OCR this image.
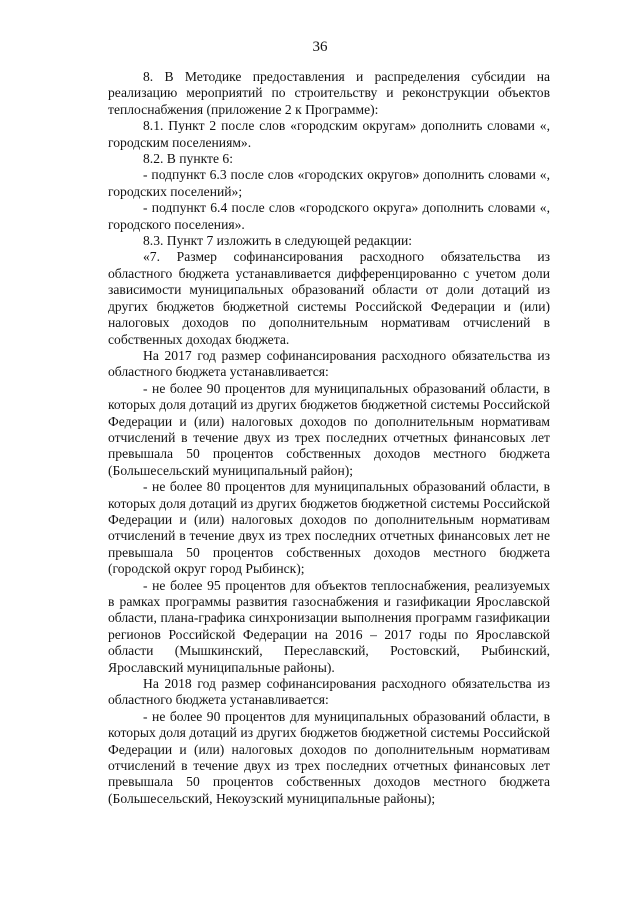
36

8. В Методике предоставления и распределения субсидии на реализацию мероприятий по строительству и реконструкции объектов теплоснабжения (приложение 2 к Программе):

8.1. Пункт 2 после слов «городским округам» дополнить словами «, городским поселениям».

8.2. В пункте 6:

- подпункт 6.3 после слов «городских округов» дополнить словами «, городских поселений»;

- подпункт 6.4 после слов «городского округа» дополнить словами «, городского поселения».

8.3. Пункт 7 изложить в следующей редакции:

«7. Размер софинансирования расходного обязательства из областного бюджета устанавливается дифференцированно с учетом доли зависимости муниципальных образований области от доли дотаций из других бюджетов бюджетной системы Российской Федерации и (или) налоговых доходов по дополнительным нормативам отчислений в собственных доходах бюджета.

На 2017 год размер софинансирования расходного обязательства из областного бюджета устанавливается:

- не более 90 процентов для муниципальных образований области, в которых доля дотаций из других бюджетов бюджетной системы Российской Федерации и (или) налоговых доходов по дополнительным нормативам отчислений в течение двух из трех последних отчетных финансовых лет превышала 50 процентов собственных доходов местного бюджета (Большесельский муниципальный район);

- не более 80 процентов для муниципальных образований области, в которых доля дотаций из других бюджетов бюджетной системы Российской Федерации и (или) налоговых доходов по дополнительным нормативам отчислений в течение двух из трех последних отчетных финансовых лет не превышала 50 процентов собственных доходов местного бюджета (городской округ город Рыбинск);

- не более 95 процентов для объектов теплоснабжения, реализуемых в рамках программы развития газоснабжения и газификации Ярославской области, плана-графика синхронизации выполнения программ газификации регионов Российской Федерации на 2016 – 2017 годы по Ярославской области (Мышкинский, Переславский, Ростовский, Рыбинский, Ярославский муниципальные районы).

На 2018 год размер софинансирования расходного обязательства из областного бюджета устанавливается:

- не более 90 процентов для муниципальных образований области, в которых доля дотаций из других бюджетов бюджетной системы Российской Федерации и (или) налоговых доходов по дополнительным нормативам отчислений в течение двух из трех последних отчетных финансовых лет превышала 50 процентов собственных доходов местного бюджета (Большесельский, Некоузский муниципальные районы);
